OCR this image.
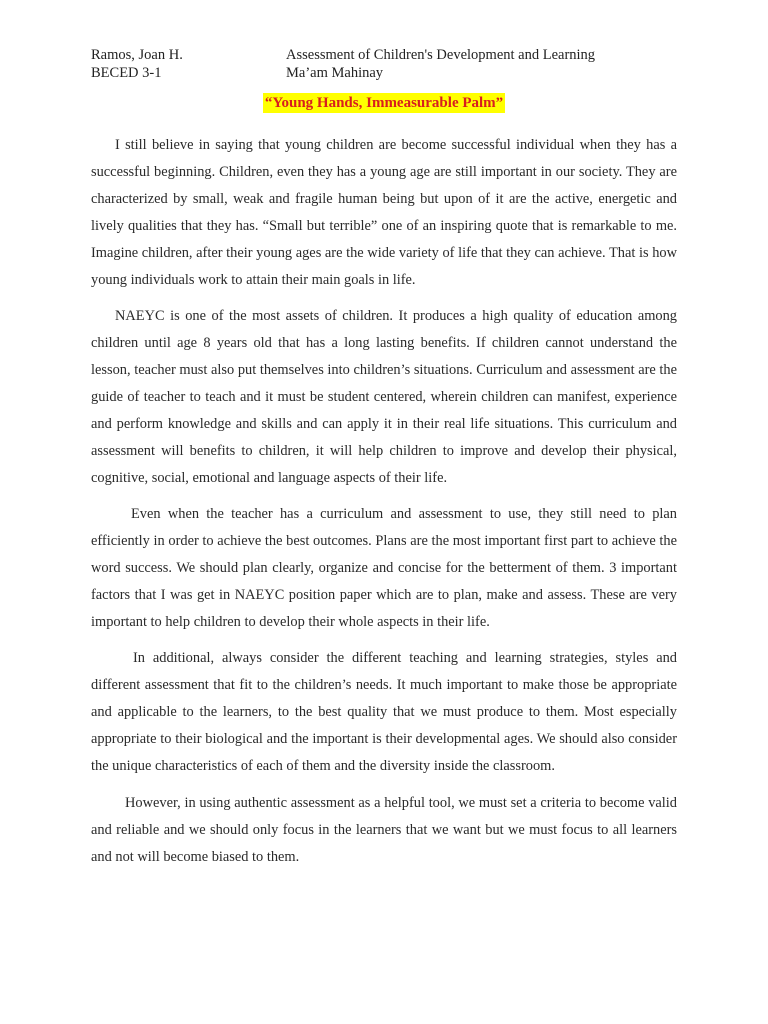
Ramos, Joan H.	Assessment of Children's Development and Learning
BECED 3-1	Ma’am Mahinay
“Young Hands, Immeasurable Palm”

I still believe in saying that young children are become successful individual when they has a successful beginning. Children, even they has a young age are still important in our society. They are characterized by small, weak and fragile human being but upon of it are the active, energetic and lively qualities that they has. “Small but terrible” one of an inspiring quote that is remarkable to me. Imagine children, after their young ages are the wide variety of life that they can achieve. That is how young individuals work to attain their main goals in life.

NAEYC is one of the most assets of children. It produces a high quality of education among children until age 8 years old that has a long lasting benefits. If children cannot understand the lesson, teacher must also put themselves into children’s situations. Curriculum and assessment are the guide of teacher to teach and it must be student centered, wherein children can manifest, experience and perform knowledge and skills and can apply it in their real life situations. This curriculum and assessment will benefits to children, it will help children to improve and develop their physical, cognitive, social, emotional and language aspects of their life.

Even when the teacher has a curriculum and assessment to use, they still need to plan efficiently in order to achieve the best outcomes. Plans are the most important first part to achieve the word success. We should plan clearly, organize and concise for the betterment of them. 3 important factors that I was get in NAEYC position paper which are to plan, make and assess. These are very important to help children to develop their whole aspects in their life.

In additional, always consider the different teaching and learning strategies, styles and different assessment that fit to the children’s needs. It much important to make those be appropriate and applicable to the learners, to the best quality that we must produce to them. Most especially appropriate to their biological and the important is their developmental ages. We should also consider the unique characteristics of each of them and the diversity inside the classroom.

However, in using authentic assessment as a helpful tool, we must set a criteria to become valid and reliable and we should only focus in the learners that we want but we must focus to all learners and not will become biased to them.
